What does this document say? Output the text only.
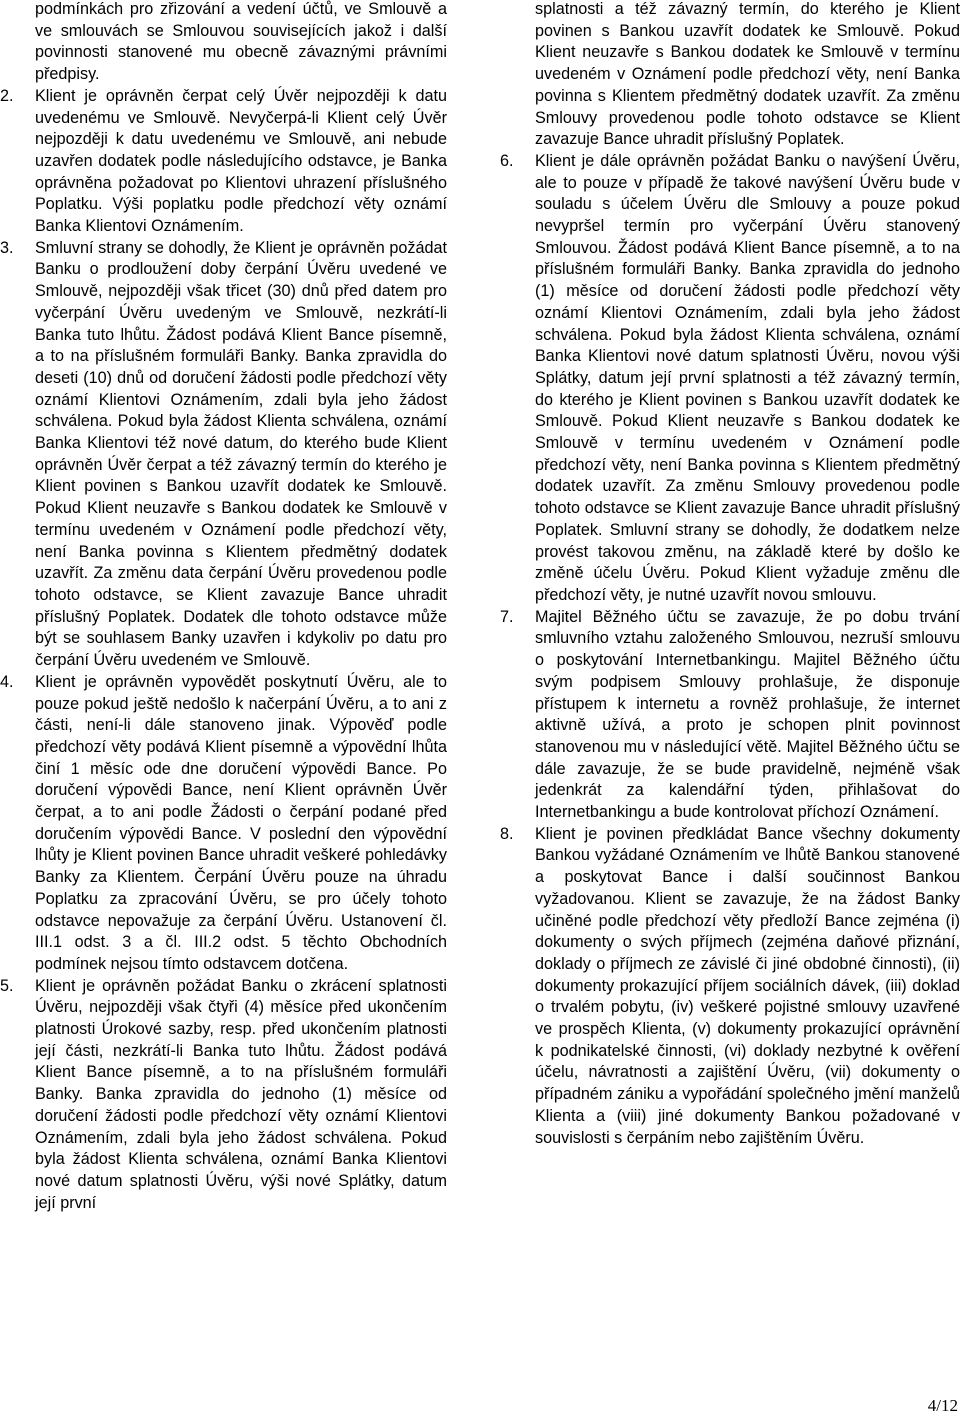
podmínkách pro zřizování a vedení účtů, ve Smlouvě a ve smlouvách se Smlouvou souvisejících jakož i další povinnosti stanovené mu obecně závaznými právními předpisy.
2. Klient je oprávněn čerpat celý Úvěr nejpozději k datu uvedenému ve Smlouvě. Nevyčerpá-li Klient celý Úvěr nejpozději k datu uvedenému ve Smlouvě, ani nebude uzavřen dodatek podle následujícího odstavce, je Banka oprávněna požadovat po Klientovi uhrazení příslušného Poplatku. Výši poplatku podle předchozí věty oznámí Banka Klientovi Oznámením.
3. Smluvní strany se dohodly, že Klient je oprávněn požádat Banku o prodloužení doby čerpání Úvěru uvedené ve Smlouvě, nejpozději však třicet (30) dnů před datem pro vyčerpání Úvěru uvedeným ve Smlouvě, nezkrátí-li Banka tuto lhůtu. Žádost podává Klient Bance písemně, a to na příslušném formuláři Banky. Banka zpravidla do deseti (10) dnů od doručení žádosti podle předchozí věty oznámí Klientovi Oznámením, zdali byla jeho žádost schválena. Pokud byla žádost Klienta schválena, oznámí Banka Klientovi též nové datum, do kterého bude Klient oprávněn Úvěr čerpat a též závazný termín do kterého je Klient povinen s Bankou uzavřít dodatek ke Smlouvě. Pokud Klient neuzavře s Bankou dodatek ke Smlouvě v termínu uvedeném v Oznámení podle předchozí věty, není Banka povinna s Klientem předmětný dodatek uzavřít. Za změnu data čerpání Úvěru provedenou podle tohoto odstavce, se Klient zavazuje Bance uhradit příslušný Poplatek. Dodatek dle tohoto odstavce může být se souhlasem Banky uzavřen i kdykoliv po datu pro čerpání Úvěru uvedeném ve Smlouvě.
4. Klient je oprávněn vypovědět poskytnutí Úvěru, ale to pouze pokud ještě nedošlo k načerpání Úvěru, a to ani z části, není-li dále stanoveno jinak. Výpověď podle předchozí věty podává Klient písemně a výpovědní lhůta činí 1 měsíc ode dne doručení výpovědi Bance. Po doručení výpovědi Bance, není Klient oprávněn Úvěr čerpat, a to ani podle Žádosti o čerpání podané před doručením výpovědi Bance. V poslední den výpovědní lhůty je Klient povinen Bance uhradit veškeré pohledávky Banky za Klientem. Čerpání Úvěru pouze na úhradu Poplatku za zpracování Úvěru, se pro účely tohoto odstavce nepovažuje za čerpání Úvěru. Ustanovení čl. III.1 odst. 3 a čl. III.2 odst. 5 těchto Obchodních podmínek nejsou tímto odstavcem dotčena.
5. Klient je oprávněn požádat Banku o zkrácení splatnosti Úvěru, nejpozději však čtyři (4) měsíce před ukončením platnosti Úrokové sazby, resp. před ukončením platnosti její části, nezkrátí-li Banka tuto lhůtu. Žádost podává Klient Bance písemně, a to na příslušném formuláři Banky. Banka zpravidla do jednoho (1) měsíce od doručení žádosti podle předchozí věty oznámí Klientovi Oznámením, zdali byla jeho žádost schválena. Pokud byla žádost Klienta schválena, oznámí Banka Klientovi nové datum splatnosti Úvěru, výši nové Splátky, datum její první
splatnosti a též závazný termín, do kterého je Klient povinen s Bankou uzavřít dodatek ke Smlouvě. Pokud Klient neuzavře s Bankou dodatek ke Smlouvě v termínu uvedeném v Oznámení podle předchozí věty, není Banka povinna s Klientem předmětný dodatek uzavřít. Za změnu Smlouvy provedenou podle tohoto odstavce se Klient zavazuje Bance uhradit příslušný Poplatek.
6. Klient je dále oprávněn požádat Banku o navýšení Úvěru, ale to pouze v případě že takové navýšení Úvěru bude v souladu s účelem Úvěru dle Smlouvy a pouze pokud nevypršel termín pro vyčerpání Úvěru stanovený Smlouvou. Žádost podává Klient Bance písemně, a to na příslušném formuláři Banky. Banka zpravidla do jednoho (1) měsíce od doručení žádosti podle předchozí věty oznámí Klientovi Oznámením, zdali byla jeho žádost schválena. Pokud byla žádost Klienta schválena, oznámí Banka Klientovi nové datum splatnosti Úvěru, novou výši Splátky, datum její první splatnosti a též závazný termín, do kterého je Klient povinen s Bankou uzavřít dodatek ke Smlouvě. Pokud Klient neuzavře s Bankou dodatek ke Smlouvě v termínu uvedeném v Oznámení podle předchozí věty, není Banka povinna s Klientem předmětný dodatek uzavřít. Za změnu Smlouvy provedenou podle tohoto odstavce se Klient zavazuje Bance uhradit příslušný Poplatek. Smluvní strany se dohodly, že dodatkem nelze provést takovou změnu, na základě které by došlo ke změně účelu Úvěru. Pokud Klient vyžaduje změnu dle předchozí věty, je nutné uzavřít novou smlouvu.
7. Majitel Běžného účtu se zavazuje, že po dobu trvání smluvního vztahu založeného Smlouvou, nezruší smlouvu o poskytování Internetbankingu. Majitel Běžného účtu svým podpisem Smlouvy prohlašuje, že disponuje přístupem k internetu a rovněž prohlašuje, že internet aktivně užívá, a proto je schopen plnit povinnost stanovenou mu v následující větě. Majitel Běžného účtu se dále zavazuje, že se bude pravidelně, nejméně však jedenkrát za kalendářní týden, přihlašovat do Internetbankingu a bude kontrolovat příchozí Oznámení.
8. Klient je povinen předkládat Bance všechny dokumenty Bankou vyžádané Oznámením ve lhůtě Bankou stanovené a poskytovat Bance i další součinnost Bankou vyžadovanou. Klient se zavazuje, že na žádost Banky učiněné podle předchozí věty předloží Bance zejména (i) dokumenty o svých příjmech (zejména daňové přiznání, doklady o příjmech ze závislé či jiné obdobné činnosti), (ii) dokumenty prokazující příjem sociálních dávek, (iii) doklad o trvalém pobytu, (iv) veškeré pojistné smlouvy uzavřené ve prospěch Klienta, (v) dokumenty prokazující oprávnění k podnikatelské činnosti, (vi) doklady nezbytné k ověření účelu, návratnosti a zajištění Úvěru, (vii) dokumenty o případném zániku a vypořádání společného jmění manželů Klienta a (viii) jiné dokumenty Bankou požadované v souvislosti s čerpáním nebo zajištěním Úvěru.
4/12
